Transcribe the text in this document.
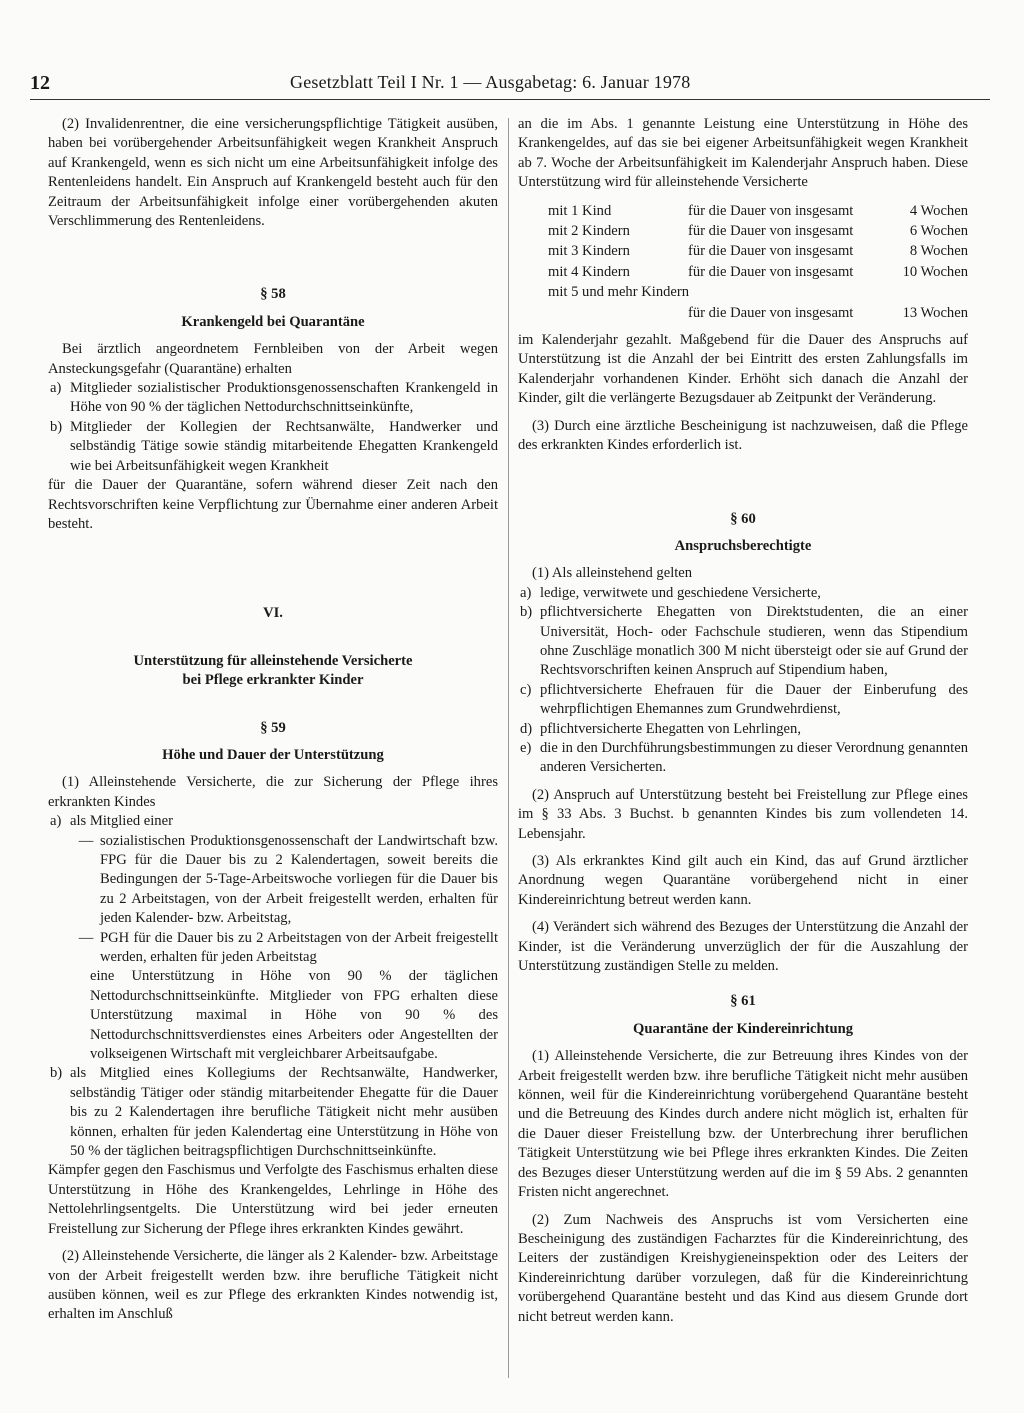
12	Gesetzblatt Teil I Nr. 1 — Ausgabetag: 6. Januar 1978

(2) Invalidenrentner, die eine versicherungspflichtige Tätigkeit ausüben, haben bei vorübergehender Arbeitsunfähigkeit wegen Krankheit Anspruch auf Krankengeld, wenn es sich nicht um eine Arbeitsunfähigkeit infolge des Rentenleidens handelt. Ein Anspruch auf Krankengeld besteht auch für den Zeitraum der Arbeitsunfähigkeit infolge einer vorübergehenden akuten Verschlimmerung des Rentenleidens.

§ 58

Krankengeld bei Quarantäne

Bei ärztlich angeordnetem Fernbleiben von der Arbeit wegen Ansteckungsgefahr (Quarantäne) erhalten

a) Mitglieder sozialistischer Produktionsgenossenschaften Krankengeld in Höhe von 90 % der täglichen Nettodurchschnittseinkünfte,
b) Mitglieder der Kollegien der Rechtsanwälte, Handwerker und selbständig Tätige sowie ständig mitarbeitende Ehegatten Krankengeld wie bei Arbeitsunfähigkeit wegen Krankheit

für die Dauer der Quarantäne, sofern während dieser Zeit nach den Rechtsvorschriften keine Verpflichtung zur Übernahme einer anderen Arbeit besteht.

VI.

Unterstützung für alleinstehende Versicherte

bei Pflege erkrankter Kinder

§ 59

Höhe und Dauer der Unterstützung

(1) Alleinstehende Versicherte, die zur Sicherung der Pflege ihres erkrankten Kindes

a) als Mitglied einer
— sozialistischen Produktionsgenossenschaft der Landwirtschaft bzw. FPG für die Dauer bis zu 2 Kalendertagen, soweit bereits die Bedingungen der 5-Tage-Arbeitswoche vorliegen für die Dauer bis zu 2 Arbeitstagen, von der Arbeit freigestellt werden, erhalten für jeden Kalender- bzw. Arbeitstag,
— PGH für die Dauer bis zu 2 Arbeitstagen von der Arbeit freigestellt werden, erhalten für jeden Arbeitstag

eine Unterstützung in Höhe von 90 % der täglichen Nettodurchschnittseinkünfte. Mitglieder von FPG erhalten diese Unterstützung maximal in Höhe von 90 % des Nettodurchschnittsverdienstes eines Arbeiters oder Angestellten der volkseigenen Wirtschaft mit vergleichbarer Arbeitsaufgabe.

b) als Mitglied eines Kollegiums der Rechtsanwälte, Handwerker, selbständig Tätiger oder ständig mitarbeitender Ehegatte für die Dauer bis zu 2 Kalendertagen ihre berufliche Tätigkeit nicht mehr ausüben können, erhalten für jeden Kalendertag eine Unterstützung in Höhe von 50 % der täglichen beitragspflichtigen Durchschnittseinkünfte.

Kämpfer gegen den Faschismus und Verfolgte des Faschismus erhalten diese Unterstützung in Höhe des Krankengeldes, Lehrlinge in Höhe des Nettolehrlingsentgelts. Die Unterstützung wird bei jeder erneuten Freistellung zur Sicherung der Pflege ihres erkrankten Kindes gewährt.

(2) Alleinstehende Versicherte, die länger als 2 Kalender- bzw. Arbeitstage von der Arbeit freigestellt werden bzw. ihre berufliche Tätigkeit nicht ausüben können, weil es zur Pflege des erkrankten Kindes notwendig ist, erhalten im Anschluß

an die im Abs. 1 genannte Leistung eine Unterstützung in Höhe des Krankengeldes, auf das sie bei eigener Arbeitsunfähigkeit wegen Krankheit ab 7. Woche der Arbeitsunfähigkeit im Kalenderjahr Anspruch haben. Diese Unterstützung wird für alleinstehende Versicherte

mit 1 Kind	für die Dauer von insgesamt	4 Wochen
mit 2 Kindern	für die Dauer von insgesamt	6 Wochen
mit 3 Kindern	für die Dauer von insgesamt	8 Wochen
mit 4 Kindern	für die Dauer von insgesamt	10 Wochen
mit 5 und mehr Kindern		
	für die Dauer von insgesamt	13 Wochen

im Kalenderjahr gezahlt. Maßgebend für die Dauer des Anspruchs auf Unterstützung ist die Anzahl der bei Eintritt des ersten Zahlungsfalls im Kalenderjahr vorhandenen Kinder. Erhöht sich danach die Anzahl der Kinder, gilt die verlängerte Bezugsdauer ab Zeitpunkt der Veränderung.

(3) Durch eine ärztliche Bescheinigung ist nachzuweisen, daß die Pflege des erkrankten Kindes erforderlich ist.

§ 60

Anspruchsberechtigte

(1) Als alleinstehend gelten

a) ledige, verwitwete und geschiedene Versicherte,
b) pflichtversicherte Ehegatten von Direktstudenten, die an einer Universität, Hoch- oder Fachschule studieren, wenn das Stipendium ohne Zuschläge monatlich 300 M nicht übersteigt oder sie auf Grund der Rechtsvorschriften keinen Anspruch auf Stipendium haben,
c) pflichtversicherte Ehefrauen für die Dauer der Einberufung des wehrpflichtigen Ehemannes zum Grundwehrdienst,
d) pflichtversicherte Ehegatten von Lehrlingen,
e) die in den Durchführungsbestimmungen zu dieser Verordnung genannten anderen Versicherten.

(2) Anspruch auf Unterstützung besteht bei Freistellung zur Pflege eines im § 33 Abs. 3 Buchst. b genannten Kindes bis zum vollendeten 14. Lebensjahr.

(3) Als erkranktes Kind gilt auch ein Kind, das auf Grund ärztlicher Anordnung wegen Quarantäne vorübergehend nicht in einer Kindereinrichtung betreut werden kann.

(4) Verändert sich während des Bezuges der Unterstützung die Anzahl der Kinder, ist die Veränderung unverzüglich der für die Auszahlung der Unterstützung zuständigen Stelle zu melden.

§ 61

Quarantäne der Kindereinrichtung

(1) Alleinstehende Versicherte, die zur Betreuung ihres Kindes von der Arbeit freigestellt werden bzw. ihre berufliche Tätigkeit nicht mehr ausüben können, weil für die Kindereinrichtung vorübergehend Quarantäne besteht und die Betreuung des Kindes durch andere nicht möglich ist, erhalten für die Dauer dieser Freistellung bzw. der Unterbrechung ihrer beruflichen Tätigkeit Unterstützung wie bei Pflege ihres erkrankten Kindes. Die Zeiten des Bezuges dieser Unterstützung werden auf die im § 59 Abs. 2 genannten Fristen nicht angerechnet.

(2) Zum Nachweis des Anspruchs ist vom Versicherten eine Bescheinigung des zuständigen Facharztes für die Kindereinrichtung, des Leiters der zuständigen Kreishygieneinspektion oder des Leiters der Kindereinrichtung darüber vorzulegen, daß für die Kindereinrichtung vorübergehend Quarantäne besteht und das Kind aus diesem Grunde dort nicht betreut werden kann.
